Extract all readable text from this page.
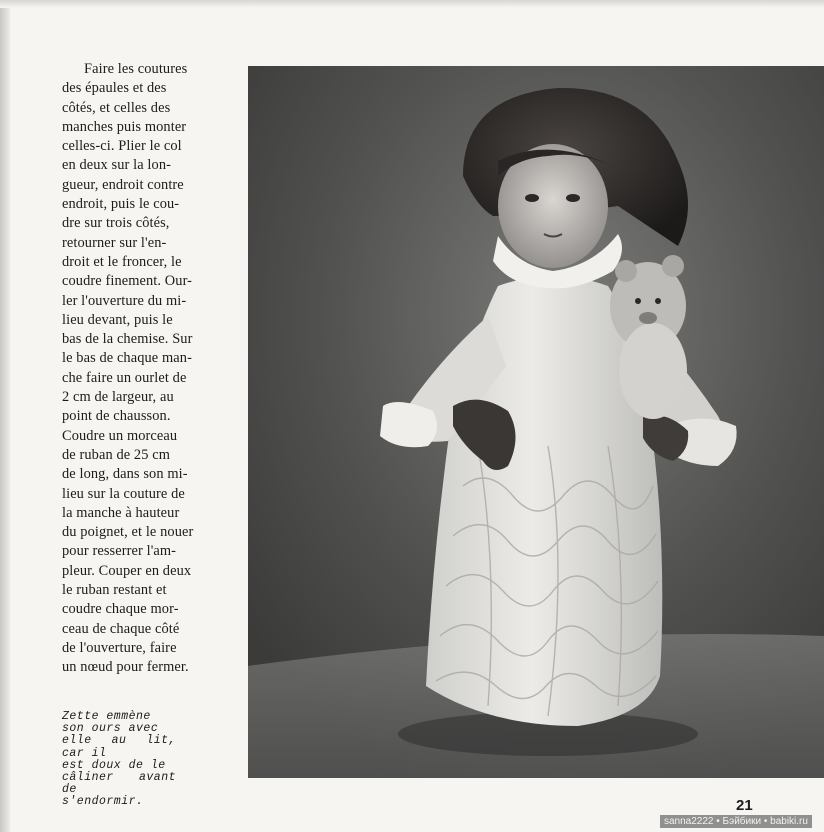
Faire les coutures
des épaules et des
côtés, et celles des
manches puis monter
celles-ci. Plier le col
en deux sur la lon-
gueur, endroit contre
endroit, puis le cou-
dre sur trois côtés,
retourner sur l'en-
droit et le froncer, le
coudre finement. Our-
ler l'ouverture du mi-
lieu devant, puis le
bas de la chemise. Sur
le bas de chaque man-
che faire un ourlet de
2 cm de largeur, au
point de chausson.
Coudre un morceau
de ruban de 25 cm
de long, dans son mi-
lieu sur la couture de
la manche à hauteur
du poignet, et le nouer
pour resserrer l'am-
pleur. Couper en deux
le ruban restant et
coudre chaque mor-
ceau de chaque côté
de l'ouverture, faire
un nœud pour fermer.
Zette emmène
son ours avec
elle au lit, car il
est doux de le
câliner avant de
s'endormir.	21
sanna2222 • Бэйбики • babiki.ru
